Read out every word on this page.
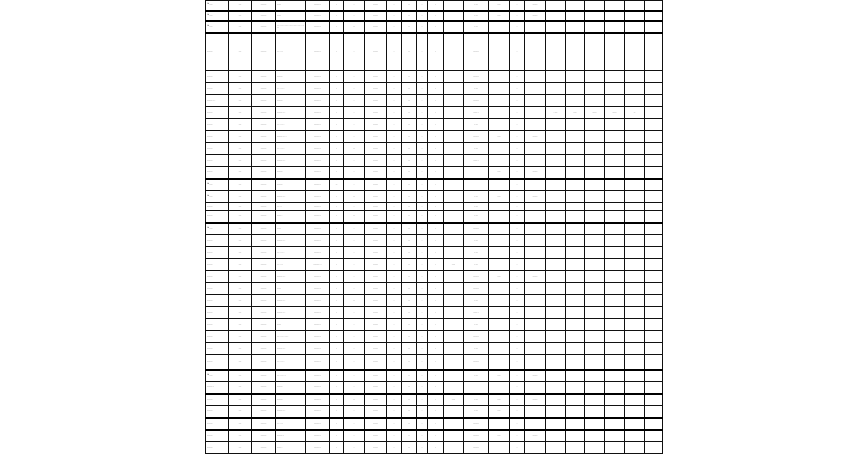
Ld ____	___	_______	_____	_______ _	_	_	______	_	__	_	_		_ ___	____	_	______						
Ld ____	___	_______	_____	_______ _	_	_	______	_	__	_	_		_ ___	____	_	______						
Ld ____	___	_______	_ _ _ _ _ _ _ _ _ _ _ _ _ _ _ _ _ _ _ _ _ _ _	_______ _	_	__	______	_	__	_	_		_ ___		_							
_______	___	_______	_ _ _ _ _	_______ _	_	_	______	_	__	_	_		_______		_							
_______	___	_______	_______	_______ _	_	_	______	_	__	_	_		_______		_							
_______	___	_______	_ _ _ _ _ _	_______ _	_	_	______	_	__	_	_		_ ___		_							
_______ _ _	___	_______	_______	_______ _	_	_	______	_	__	_	_		_______		_							
_______	___	_______	_______ _ _	_______ _	_	_	______	_	__	_	_		_____ _		_		_ ___	____	_____	_____	__	
_______	___	_______	_ _ _ _ _ _	_______ _	_	_	______	_	__	_	_		_ ___		_							
_______	___	_______	_______ _ _ _	_______ _	_	_	______	_	__	_	_		_______	____	_	______						
_______	___	_______	_ _ _ _ _ _	_______ _	_	__	______	_	__	_	_		_ ___		_							
_______	___	_______	_______ _ _	_______ _	_	_	______	_	__	_	_		_____ _		_							
_______	___	_______	_______	_______ _	_	_	______	_	__	_	_			____	_	______						
Ld ____	___	_______	_______	_______ _	__	_	______	_	__	_	_				_							
Ld ____	___	_______	_______ _ _	_______ _	_	__	______	_	__	_	_		_ ___	____	_	______						
_______	___	_______	_ _ _ _	_______ _	_	_	______	_	__	_	_		_ ___		_							
_______	___	_______	_____ _	_______ _	_	__	______	_	__	_	_		_ ___		_							
Ld ____	___	_______	_____	_______ _	_	_	______	_	__	_	_		_______		_							
_______	___	_______	_______ _ _	_______ _	_	_	______	_	__	_	_		_ ___		_							
_______	___	_______	_ _ _ _ _ _	_______ _	_	_	______	_	__	_	_		_ ___		_							
_______	___	_______	_ _ _ _ _	_______ _ _	_	_	______	_	__	_	_	____	_ ___		_							
_______	___	_______	_______ _ _	_______ _	_	_	______	_	__	_	_		_______	____	_	______						
_______	___	_______	_____	_______ _	_	_	______	_	__	_	_		_______		_							
_______	___	_______	_______ _ _	_______ _	_	__	______	_	__	_	_		_ ___		_							
_______	___	_______	_______ _ _	_______ _	_	_	______	_	__	_	_		_____ _		_							
_______	___	_______	_____	_______ _	_	_	______	_	__	_	_		_ ___		_							
_______	___	_______	_ _ _ _ _ _ _ _ _	_______ _	_	_	______	_	__	_	_		_______		_							
_______	___	_______	_______ _ _	_______ _	_	_	______	_	__	_	_		_ ___		_							
_______	___	_______	_ _ _ _ _ _	_______ _	_	_	______	_	__	_	_		_______		_							
Ld ____	___	_______	_ _ _ _ _ _ _	_______ _	_	_	______	_	__	_	_		_ ___	____	_	______						
_______ _	___	_______	_______	_______ _	_	_	______	_	__	_	_				_							
_______	___	_______	_______	_______ _	_	__	______	_	__	_	_	____	_ ___	____	_	______						
_______	___	_______	_______ _ _	_______ _	_	_	______	_	__	_	_		_ ___	____	_							
_______	___	_______	_ _ _ _ _	_______ _	_	_	______	_	__	_	_		_______		_							
_______	___	_______	_______ _	_______ _	_	_	______	_	__	_	_		_______	____	_	______						
_______	___	_______	_____ _	_______ _	_	_	______	_	__	_	_		_______		_							
